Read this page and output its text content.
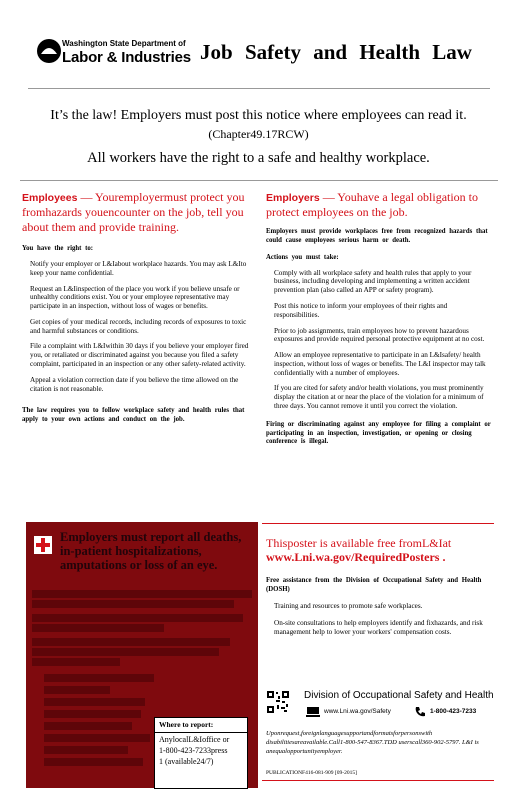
Washington State Department of
Labor & Industries Job Safety and Health Law
It’s the law! Employers must post this notice where employees can read it.
(Chapter49.17RCW)
All workers have the right to a safe and healthy workplace.
Employees — Youremployermust protect you fromhazards youencounter on the job, tell you about them and provide training.
You have the right to:
Notify your employer or L&Iabout workplace hazards. You may ask L&Ito keep your name confidential.
Request an L&Iinspection of the place you work if you believe unsafe or unhealthy conditions exist. You or your employee representative may participate in an inspection, without loss of wages or benefits.
Get copies of your medical records, including records of exposures to toxic and harmful substances or conditions.
File a complaint with L&Iwithin 30 days if you believe your employer fired you, or retaliated or discriminated against you because you filed a safety complaint, participated in an inspection or any other safety-related activity.
Appeal a violation correction date if you believe the time allowed on the citation is not reasonable.
The law requires you to follow workplace safety and health rules that apply to your own actions and conduct on the job.
Employers — Youhave a legal obligation to protect employees on the job.
Employers must provide workplaces free from recognized hazards that could cause employees serious harm or death.
Actions you must take:
Comply with all workplace safety and health rules that apply to your business, including developing and implementing a written accident prevention plan (also called an APP or safety program).
Post this notice to inform your employees of their rights and responsibilities.
Prior to job assignments, train employees how to prevent hazardous exposures and provide required personal protective equipment at no cost.
Allow an employee representative to participate in an L&Isafety/ health inspection, without loss of wages or benefits. The L&I inspector may talk confidentially with a number of employees.
If you are cited for safety and/or health violations, you must prominently display the citation at or near the place of the violation for a minimum of three days. You cannot remove it until you correct the violation.
Firing or discriminating against any employee for filing a complaint or participating in an inspection, investigation, or opening or closing conference is illegal.
Employers must report all deaths, in-patient hospitalizations, amputations or loss of an eye.
Where to report:
AnylocalL&Ioffice or
1-800-423-7233press
1 (available24/7)
Thisposter is available free fromL&Iat
www.Lni.wa.gov/RequiredPosters .
Free assistance from the Division of Occupational Safety and Health (DOSH)
Training and resources to promote safe workplaces.
On-site consultations to help employers identify and fixhazards, and risk management help to lower your workers' compensation costs.
Division of Occupational Safety and Health
www.Lni.wa.gov/Safety	1-800-423-7233
Uponrequest,foreignlanguagesupportandformatsforpersonswith disabilitiesareavailable.Call1-800-547-8367.TDD userscall360-902-5797. L&I is anequalopportunityemployer.
PUBLICATIONF416-081-909 [09-2015]
